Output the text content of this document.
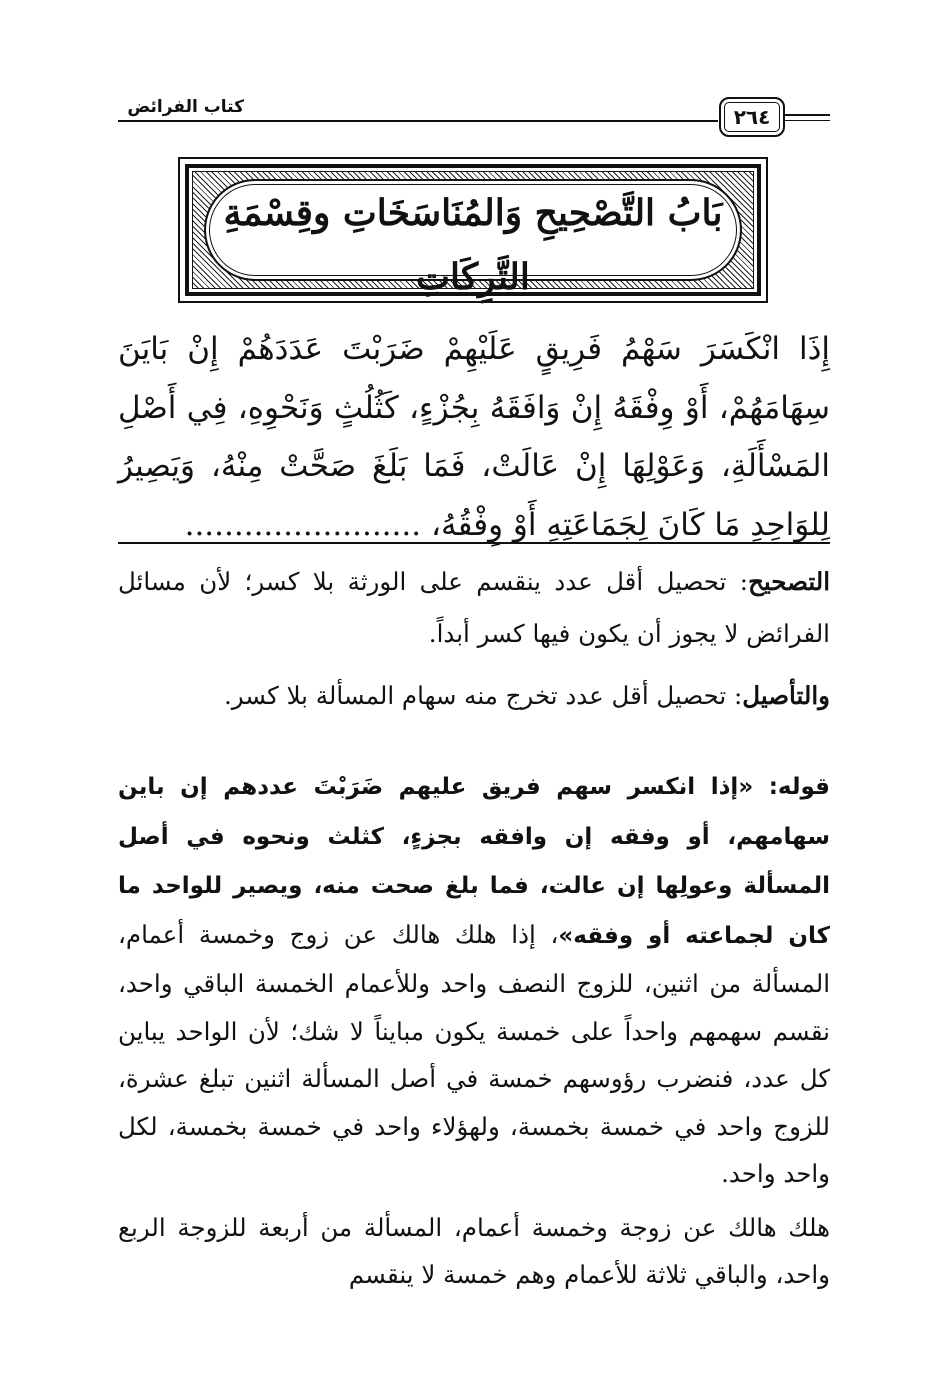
كتاب الفرائض	٢٦٤
بَابُ التَّصْحِيحِ وَالمُنَاسَخَاتِ وقِسْمَةِ التَّرِكَاتِ

إِذَا انْكَسَرَ سَهْمُ فَرِيقٍ عَلَيْهِمْ ضَرَبْتَ عَدَدَهُمْ إِنْ بَايَنَ سِهَامَهُمْ، أَوْ وِفْقَهُ إِنْ وَافَقَهُ بِجُزْءٍ، كَثُلُثٍ وَنَحْوِهِ، فِي أَصْلِ المَسْأَلَةِ، وَعَوْلِهَا إِنْ عَالَتْ، فَمَا بَلَغَ صَحَّتْ مِنْهُ، وَيَصِيرُ لِلوَاحِدِ مَا كَانَ لِجَمَاعَتِهِ أَوْ وِفْقُهُ، ........................

التصحيح: تحصيل أقل عدد ينقسم على الورثة بلا كسر؛ لأن مسائل الفرائض لا يجوز أن يكون فيها كسر أبداً.

والتأصيل: تحصيل أقل عدد تخرج منه سهام المسألة بلا كسر.

قوله: «إذا انكسر سهم فريق عليهم ضَرَبْتَ عددهم إن باين سهامهم، أو وفقه إن وافقه بجزءٍ، كثلث ونحوه في أصل المسألة وعولِها إن عالت، فما بلغ صحت منه، ويصير للواحد ما كان لجماعته أو وفقه»، إذا هلك هالك عن زوج وخمسة أعمام، المسألة من اثنين، للزوج النصف واحد وللأعمام الخمسة الباقي واحد، نقسم سهمهم واحداً على خمسة يكون مبايناً لا شك؛ لأن الواحد يباين كل عدد، فنضرب رؤوسهم خمسة في أصل المسألة اثنين تبلغ عشرة، للزوج واحد في خمسة بخمسة، ولهؤلاء واحد في خمسة بخمسة، لكل واحد واحد.

هلك هالك عن زوجة وخمسة أعمام، المسألة من أربعة للزوجة الربع واحد، والباقي ثلاثة للأعمام وهم خمسة لا ينقسم
